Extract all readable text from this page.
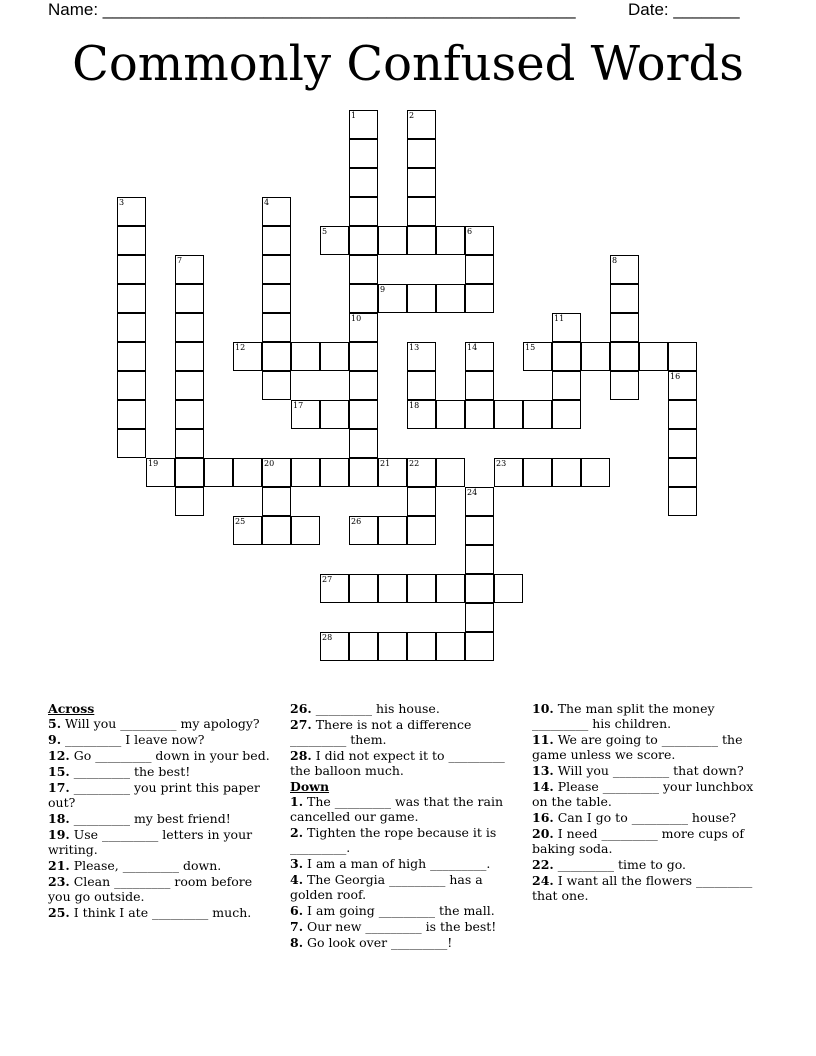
Name: __________________________________________________	Date: _______
Commonly Confused Words
1
10
2
3	4
5	6
7	8
9
11
12	13	14	15
16
17	18
19	20	21 22	23
24
25	26
27
28
Across
5. Will you _________ my apology?
9. _________ I leave now?
12. Go _________ down in your bed.
15. _________ the best!
17. _________ you print this paper out?
18. _________ my best friend!
19. Use _________ letters in your writing.
21. Please, _________ down.
23. Clean _________ room before you go outside.
25. I think I ate _________ much.
26. _________ his house.
27. There is not a difference _________ them.
28. I did not expect it to _________ the balloon much.
Down
1. The _________ was that the rain cancelled our game.
2. Tighten the rope because it is _________.
3. I am a man of high _________.
4. The Georgia _________ has a golden roof.
6. I am going _________ the mall.
7. Our new _________ is the best!
8. Go look over _________!
10. The man split the money _________ his children.
11. We are going to _________ the game unless we score.
13. Will you _________ that down?
14. Please _________ your lunchbox on the table.
16. Can I go to _________ house?
20. I need _________ more cups of baking soda.
22. _________ time to go.
24. I want all the flowers _________ that one.
